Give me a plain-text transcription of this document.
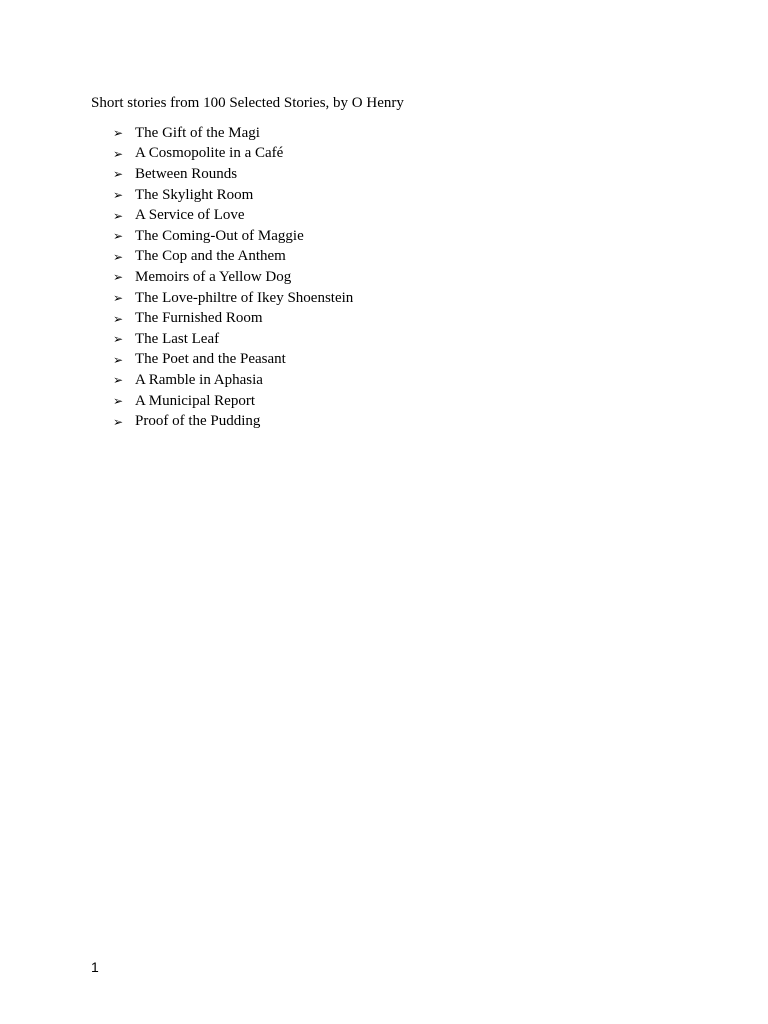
Short stories from 100 Selected Stories, by O Henry
➢ The Gift of the Magi
➢ A Cosmopolite in a Café
➢ Between Rounds
➢ The Skylight Room
➢ A Service of Love
➢ The Coming-Out of Maggie
➢ The Cop and the Anthem
➢ Memoirs of a Yellow Dog
➢ The Love-philtre of Ikey Shoenstein
➢ The Furnished Room
➢ The Last Leaf
➢ The Poet and the Peasant
➢ A Ramble in Aphasia
➢ A Municipal Report
➢ Proof of the Pudding
1
